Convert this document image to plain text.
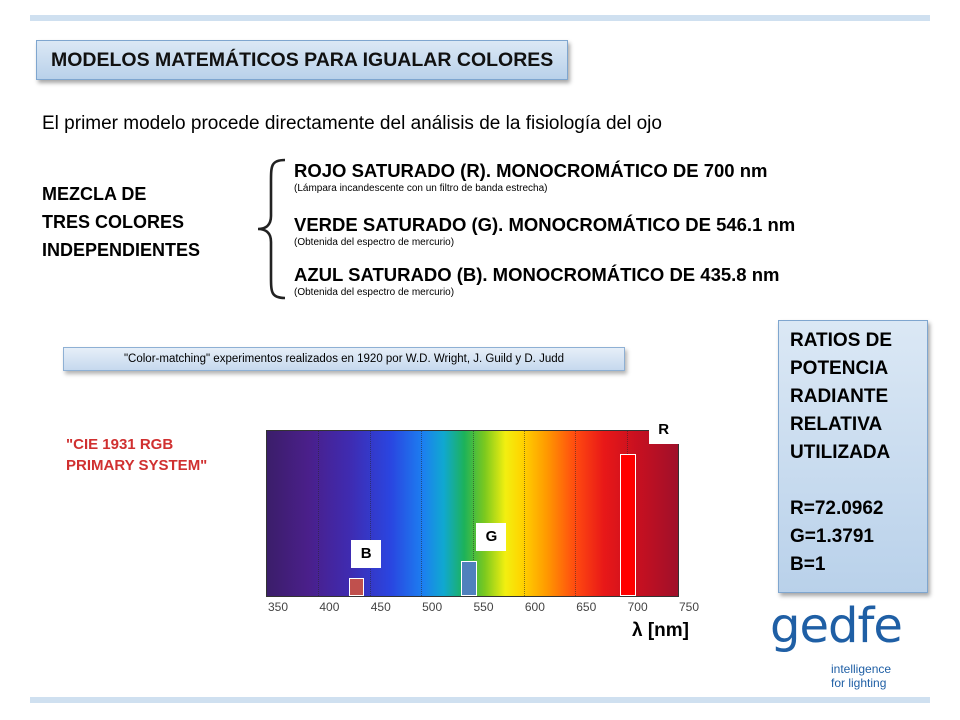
MODELOS MATEMÁTICOS PARA IGUALAR COLORES
El primer modelo procede directamente del análisis de la fisiología del ojo
MEZCLA DE
TRES COLORES
INDEPENDIENTES
ROJO SATURADO (R). MONOCROMÁTICO DE 700 nm
(Lámpara incandescente con un filtro de banda estrecha)
VERDE SATURADO (G). MONOCROMÁTICO DE 546.1 nm
(Obtenida del espectro de mercurio)
AZUL SATURADO (B). MONOCROMÁTICO DE 435.8 nm
(Obtenida del espectro de mercurio)
"Color-matching" experimentos realizados en 1920 por W.D. Wright, J. Guild y D. Judd
"CIE 1931 RGB
PRIMARY SYSTEM"
B
G
R
350	400	450	500	550	600	650	700	750
λ [nm]
RATIOS DE
POTENCIA
RADIANTE
RELATIVA
UTILIZADA
R=72.0962
G=1.3791
B=1
gedfe
intelligence
for lighting
